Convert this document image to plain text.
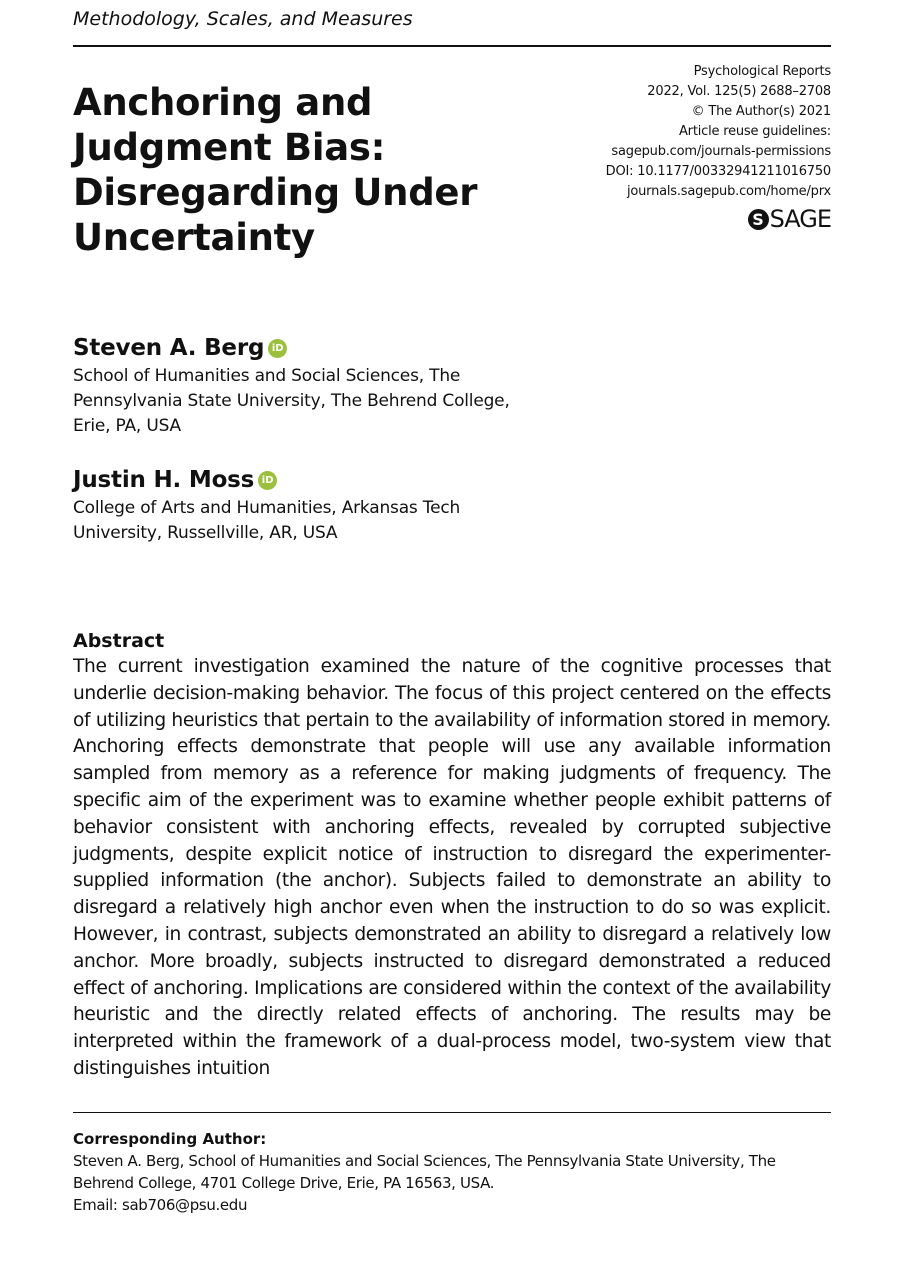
Methodology, Scales, and Measures
Anchoring and Judgment Bias: Disregarding Under Uncertainty
Psychological Reports
2022, Vol. 125(5) 2688–2708
© The Author(s) 2021
Article reuse guidelines:
sagepub.com/journals-permissions
DOI: 10.1177/00332941211016750
journals.sagepub.com/home/prx
S SAGE
Steven A. Berg iD
School of Humanities and Social Sciences, The Pennsylvania State University, The Behrend College, Erie, PA, USA
Justin H. Moss iD
College of Arts and Humanities, Arkansas Tech University, Russellville, AR, USA
Abstract

The current investigation examined the nature of the cognitive processes that underlie decision-making behavior. The focus of this project centered on the effects of utilizing heuristics that pertain to the availability of information stored in memory. Anchoring effects demonstrate that people will use any available information sampled from memory as a reference for making judgments of frequency. The specific aim of the experiment was to examine whether people exhibit patterns of behavior consistent with anchoring effects, revealed by corrupted subjective judgments, despite explicit notice of instruction to disregard the experimenter-supplied information (the anchor). Subjects failed to demonstrate an ability to disregard a relatively high anchor even when the instruction to do so was explicit. However, in contrast, subjects demonstrated an ability to disregard a relatively low anchor. More broadly, subjects instructed to disregard demonstrated a reduced effect of anchoring. Implications are considered within the context of the availability heuristic and the directly related effects of anchoring. The results may be interpreted within the framework of a dual-process model, two-system view that distinguishes intuition

Corresponding Author:
Steven A. Berg, School of Humanities and Social Sciences, The Pennsylvania State University, The Behrend College, 4701 College Drive, Erie, PA 16563, USA.
Email: sab706@psu.edu
